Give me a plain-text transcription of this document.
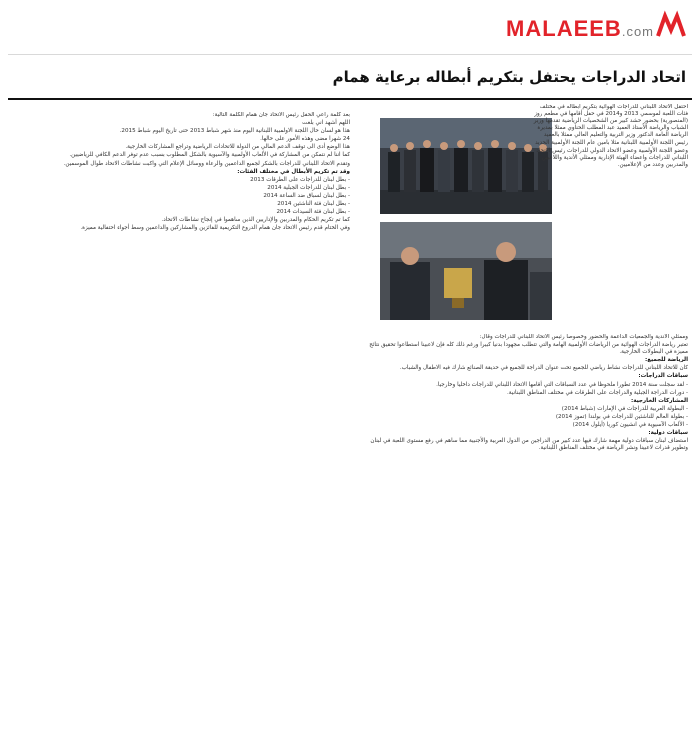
MALAEEB.com
اتحاد الدراجات يحتفل بتكريم أبطاله برعاية همام

احتفل الاتحاد اللبناني للدراجات الهوائية بتكريم أبطاله في مختلف فئات اللعبة لموسمي 2013 و2014 في حفل أقامها في مطعم روز (المنصورية) بحضور حشد كبير من الشخصيات الرياضية تقدمها وزير الشباب والرياضة الأستاذ العميد عبد المطلب الحناوي ممثلا بمديرة الرياضة العامة الدكتور وزير التربية والتعليم العالي ممثلا بالعميد

رئيس اللجنة الأولمبية اللبنانية مثلا بامين عام اللجنة الأولمبية الجديد وعضو اللجنة الأولمبية وعضو الاتحاد الدولي للدراجات رئيس الاتحاد اللبناني للدراجات واعضاء الهيئة الإدارية وممثلي الأندية واللاعبين والمدربين وعدد من الإعلاميين.

وممثلي الأندية والجمعيات الداعمة والحضور وخصوصا رئيس الاتحاد اللبناني للدراجات وقال:

تعتبر رياضة الدراجات الهوائية من الرياضات الأولمبية الهامة والتي تتطلب مجهودا بدنيا كبيرا ورغم ذلك كله فإن لاعبينا استطاعوا تحقيق نتائج مميزة في البطولات الخارجية.

الرياضة للجميع:

كان للاتحاد اللبناني للدراجات نشاط رياضي للجميع تحت عنوان الدراجة للجميع في حديقة الصنائع شارك فيه الاطفال والشباب.

سباقات الدراجات:

- لقد سجلت سنة 2014 تطورا ملحوظا في عدد السباقات التي أقامها الاتحاد اللبناني للدراجات داخليا وخارجيا.

- دورات الدراجة الجبلية والدراجات على الطرقات في مختلف المناطق اللبنانية.

المشاركات الخارجية:

- البطولة العربية للدراجات في الإمارات (شباط 2014)

- بطولة العالم للناشئين للدراجات في بولندا (تموز 2014)

- الألعاب الآسيوية في انشيون كوريا (أيلول 2014)

سباقات دولية:

استضاف لبنان سباقات دولية مهمة شارك فيها عدد كبير من الدراجين من الدول العربية والأجنبية مما ساهم في رفع مستوى اللعبة في لبنان وتطوير قدرات لاعبينا ونشر الرياضة في مختلف المناطق اللبنانية.

بعد كلمة راعي الحفل رئيس الاتحاد جان همام الكلمة التالية:

اللهم أشهد اني بلغت

هذا هو لسان حال اللجنة الاولمبية اللبنانية اليوم منذ شهر شباط 2013 حتى تاريخ اليوم شباط 2015.

24 شهرا مضى وهذه الأمور على حالها.

هذا الوضع أدى الى توقف الدعم المالي من الدولة للاتحادات الرياضية وتراجع المشاركات الخارجية.

كما اننا لم نتمكن من المشاركة في الألعاب الأولمبية والآسيوية بالشكل المطلوب بسبب عدم توفر الدعم الكافي للرياضيين.

وتقدم الاتحاد اللبناني للدراجات بالشكر لجميع الداعمين والرعاة ووسائل الإعلام التي واكبت نشاطات الاتحاد طوال الموسمين.

وقد تم تكريم الأبطال في مختلف الفئات:

- بطل لبنان للدراجات على الطرقات 2013

- بطل لبنان للدراجات الجبلية 2014

- بطل لبنان لسباق ضد الساعة 2014

- بطل لبنان فئة الناشئين 2014

- بطل لبنان فئة السيدات 2014

كما تم تكريم الحكام والمدربين والإداريين الذين ساهموا في إنجاح نشاطات الاتحاد.

وفي الختام قدم رئيس الاتحاد جان همام الدروع التكريمية للفائزين والمشاركين والداعمين وسط أجواء احتفالية مميزة.
